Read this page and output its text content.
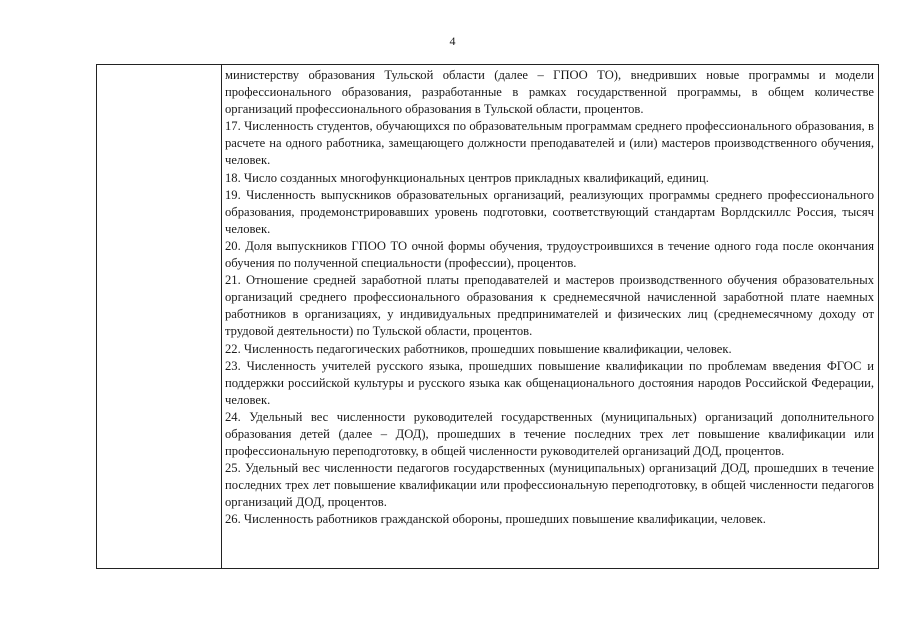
4

министерству образования Тульской области (далее – ГПОО ТО), внедривших новые программы и модели профессионального образования, разработанные в рамках государственной программы, в общем количестве организаций профессионального образования в Тульской области, процентов.

17. Численность студентов, обучающихся по образовательным программам среднего профессионального образования, в расчете на одного работника, замещающего должности преподавателей и (или) мастеров производственного обучения, человек.

18. Число созданных многофункциональных центров прикладных квалификаций, единиц.

19. Численность выпускников образовательных организаций, реализующих программы среднего профессионального образования, продемонстрировавших уровень подготовки, соответствующий стандартам Ворлдскиллс Россия, тысяч человек.

20. Доля выпускников ГПОО ТО очной формы обучения, трудоустроившихся в течение одного года после окончания обучения по полученной специальности (профессии), процентов.

21. Отношение средней заработной платы преподавателей и мастеров производственного обучения образовательных организаций среднего профессионального образования к среднемесячной начисленной заработной плате наемных работников в организациях, у индивидуальных предпринимателей и физических лиц (среднемесячному доходу от трудовой деятельности) по Тульской области, процентов.

22. Численность педагогических работников, прошедших повышение квалификации, человек.

23. Численность учителей русского языка, прошедших повышение квалификации по проблемам введения ФГОС и поддержки российской культуры и русского языка как общенационального достояния народов Российской Федерации, человек.

24. Удельный вес численности руководителей государственных (муниципальных) организаций дополнительного образования детей (далее – ДОД), прошедших в течение последних трех лет повышение квалификации или профессиональную переподготовку, в общей численности руководителей организаций ДОД, процентов.

25. Удельный вес численности педагогов государственных (муниципальных) организаций ДОД, прошедших в течение последних трех лет повышение квалификации или профессиональную переподготовку, в общей численности педагогов организаций ДОД, процентов.

26. Численность работников гражданской обороны, прошедших повышение квалификации, человек.
